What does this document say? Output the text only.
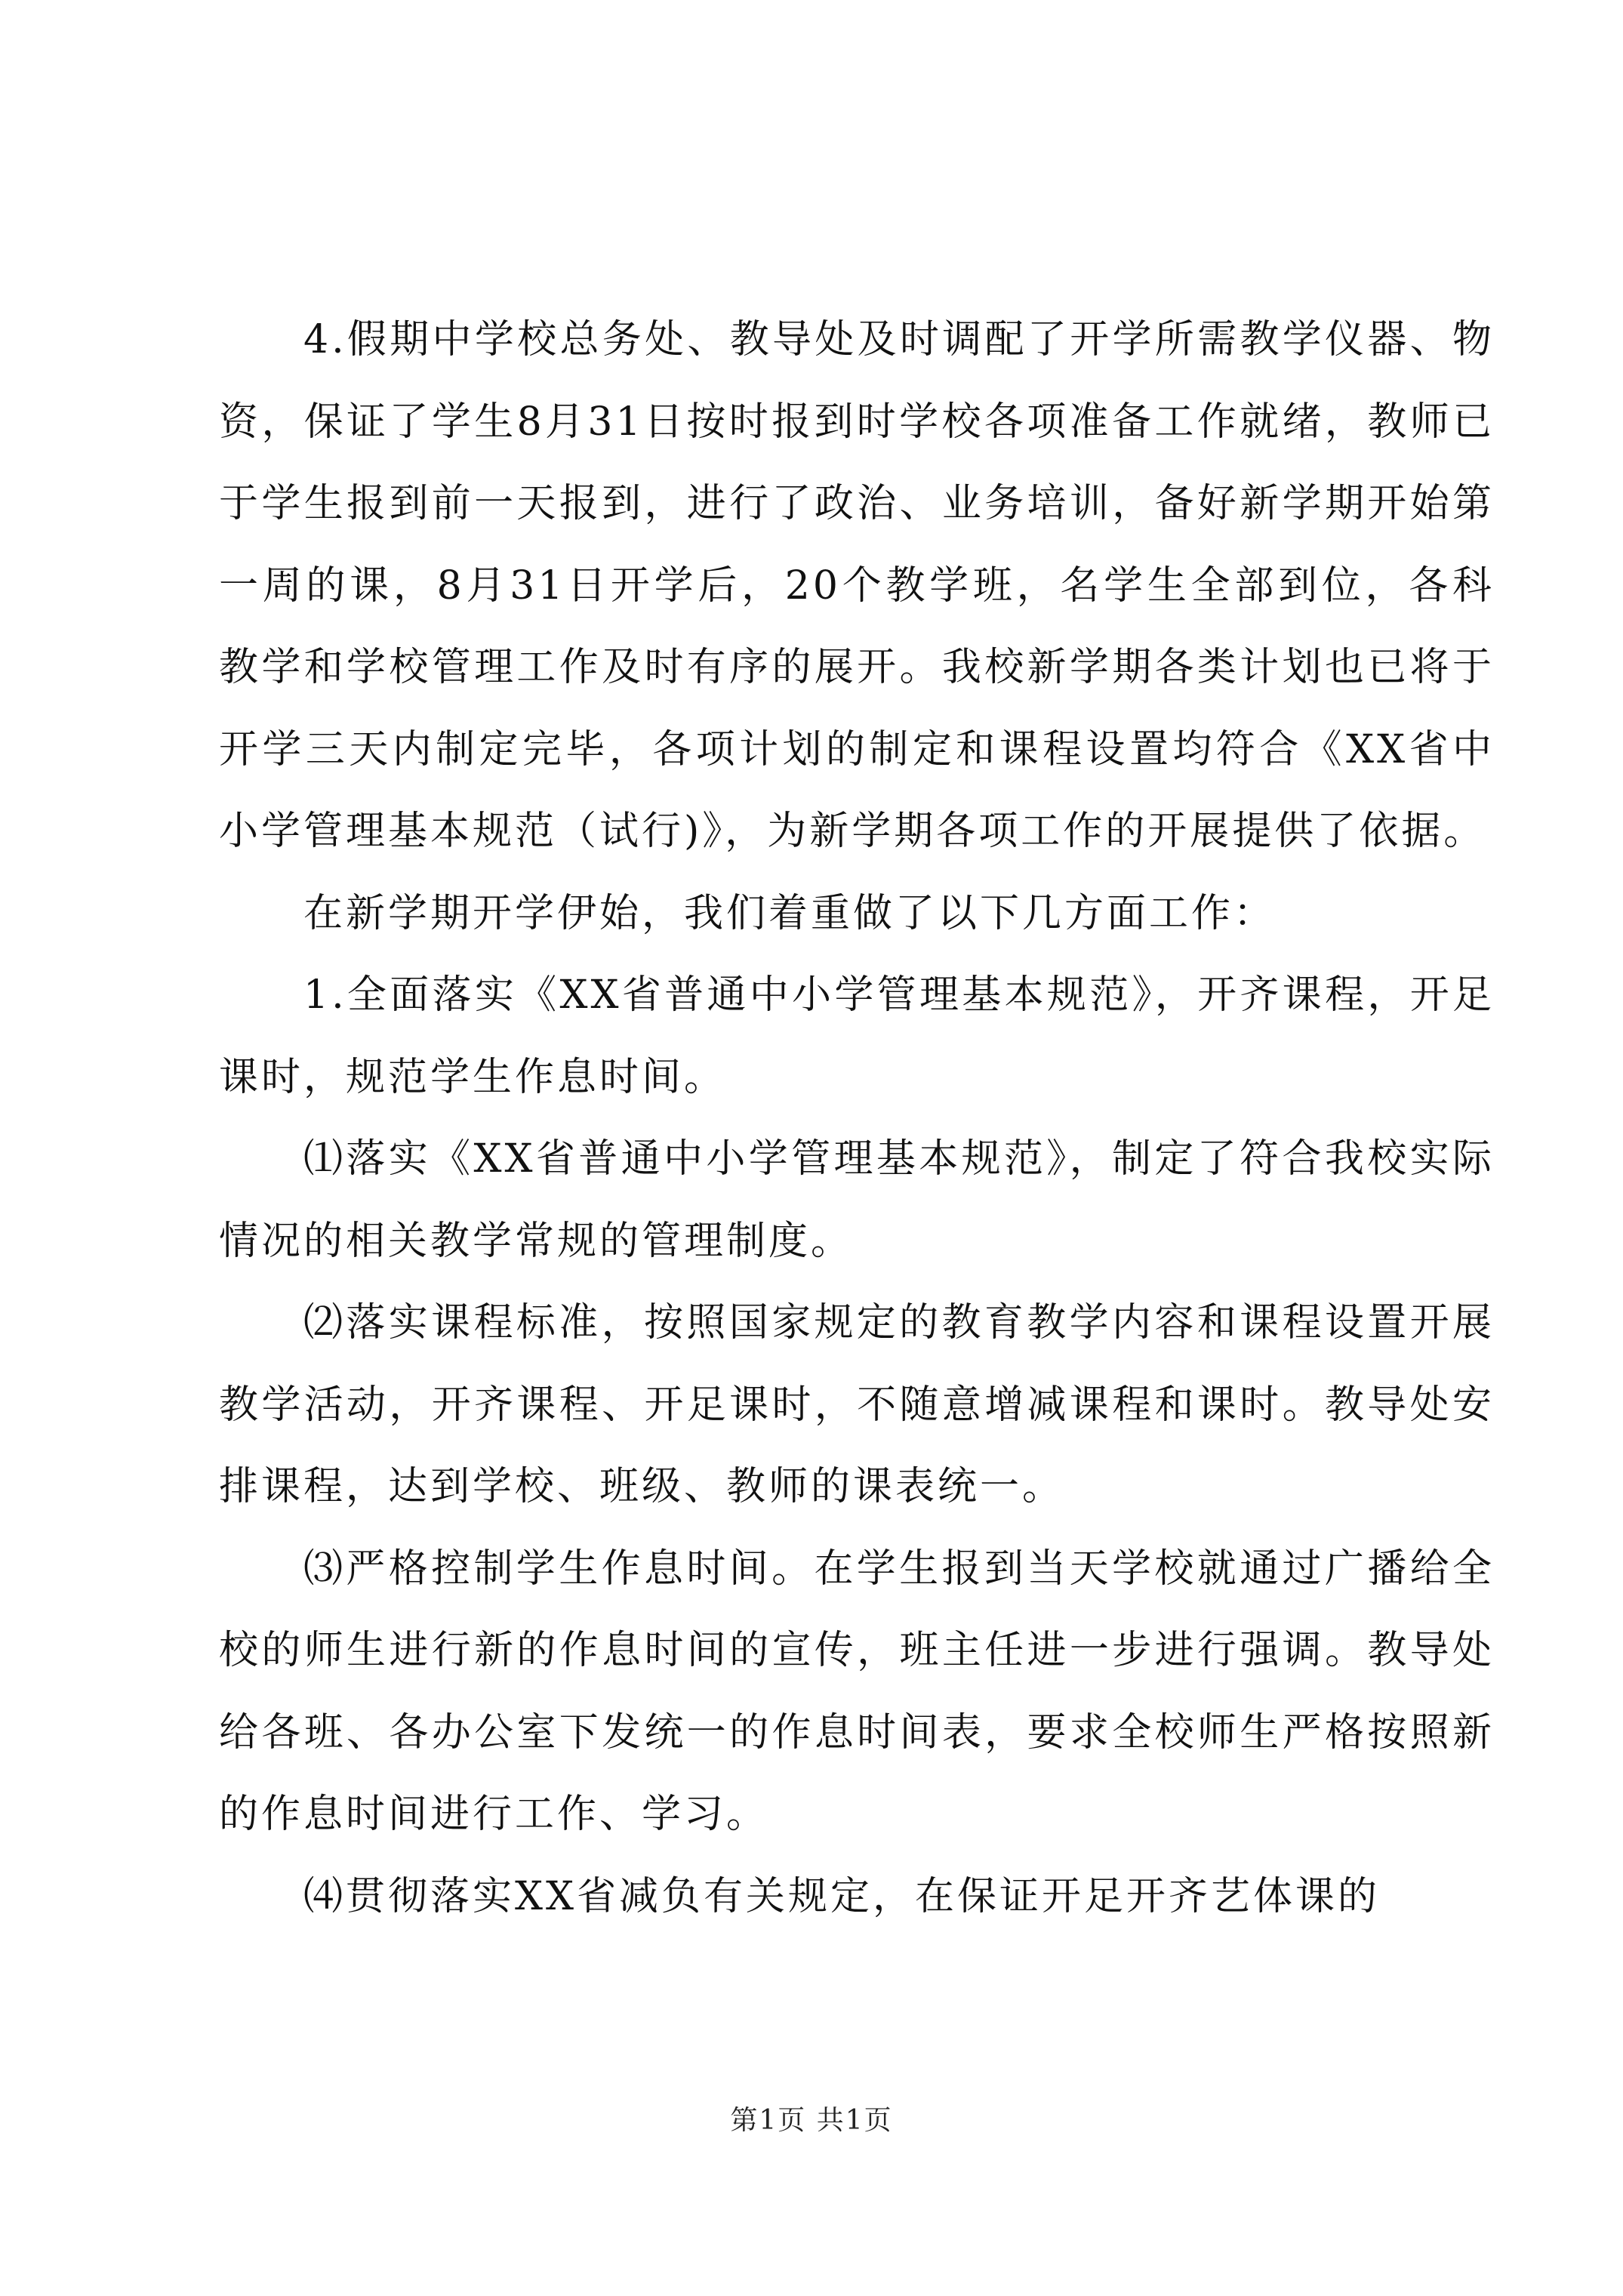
4.假期中学校总务处、教导处及时调配了开学所需教学仪器、物资，保证了学生8月31日按时报到时学校各项准备工作就绪，教师已于学生报到前一天报到，进行了政治、业务培训，备好新学期开始第一周的课，8月31日开学后，20个教学班，名学生全部到位，各科教学和学校管理工作及时有序的展开。我校新学期各类计划也已将于开学三天内制定完毕，各项计划的制定和课程设置均符合《XX省中小学管理基本规范（试行)》，为新学期各项工作的开展提供了依据。

在新学期开学伊始，我们着重做了以下几方面工作：

1.全面落实《XX省普通中小学管理基本规范》，开齐课程，开足课时，规范学生作息时间。

⑴落实《XX省普通中小学管理基本规范》，制定了符合我校实际情况的相关教学常规的管理制度。

⑵落实课程标准，按照国家规定的教育教学内容和课程设置开展教学活动，开齐课程、开足课时，不随意增减课程和课时。教导处安排课程，达到学校、班级、教师的课表统一。

⑶严格控制学生作息时间。在学生报到当天学校就通过广播给全校的师生进行新的作息时间的宣传，班主任进一步进行强调。教导处给各班、各办公室下发统一的作息时间表，要求全校师生严格按照新的作息时间进行工作、学习。

⑷贯彻落实XX省减负有关规定，在保证开足开齐艺体课的

第1页 共1页
